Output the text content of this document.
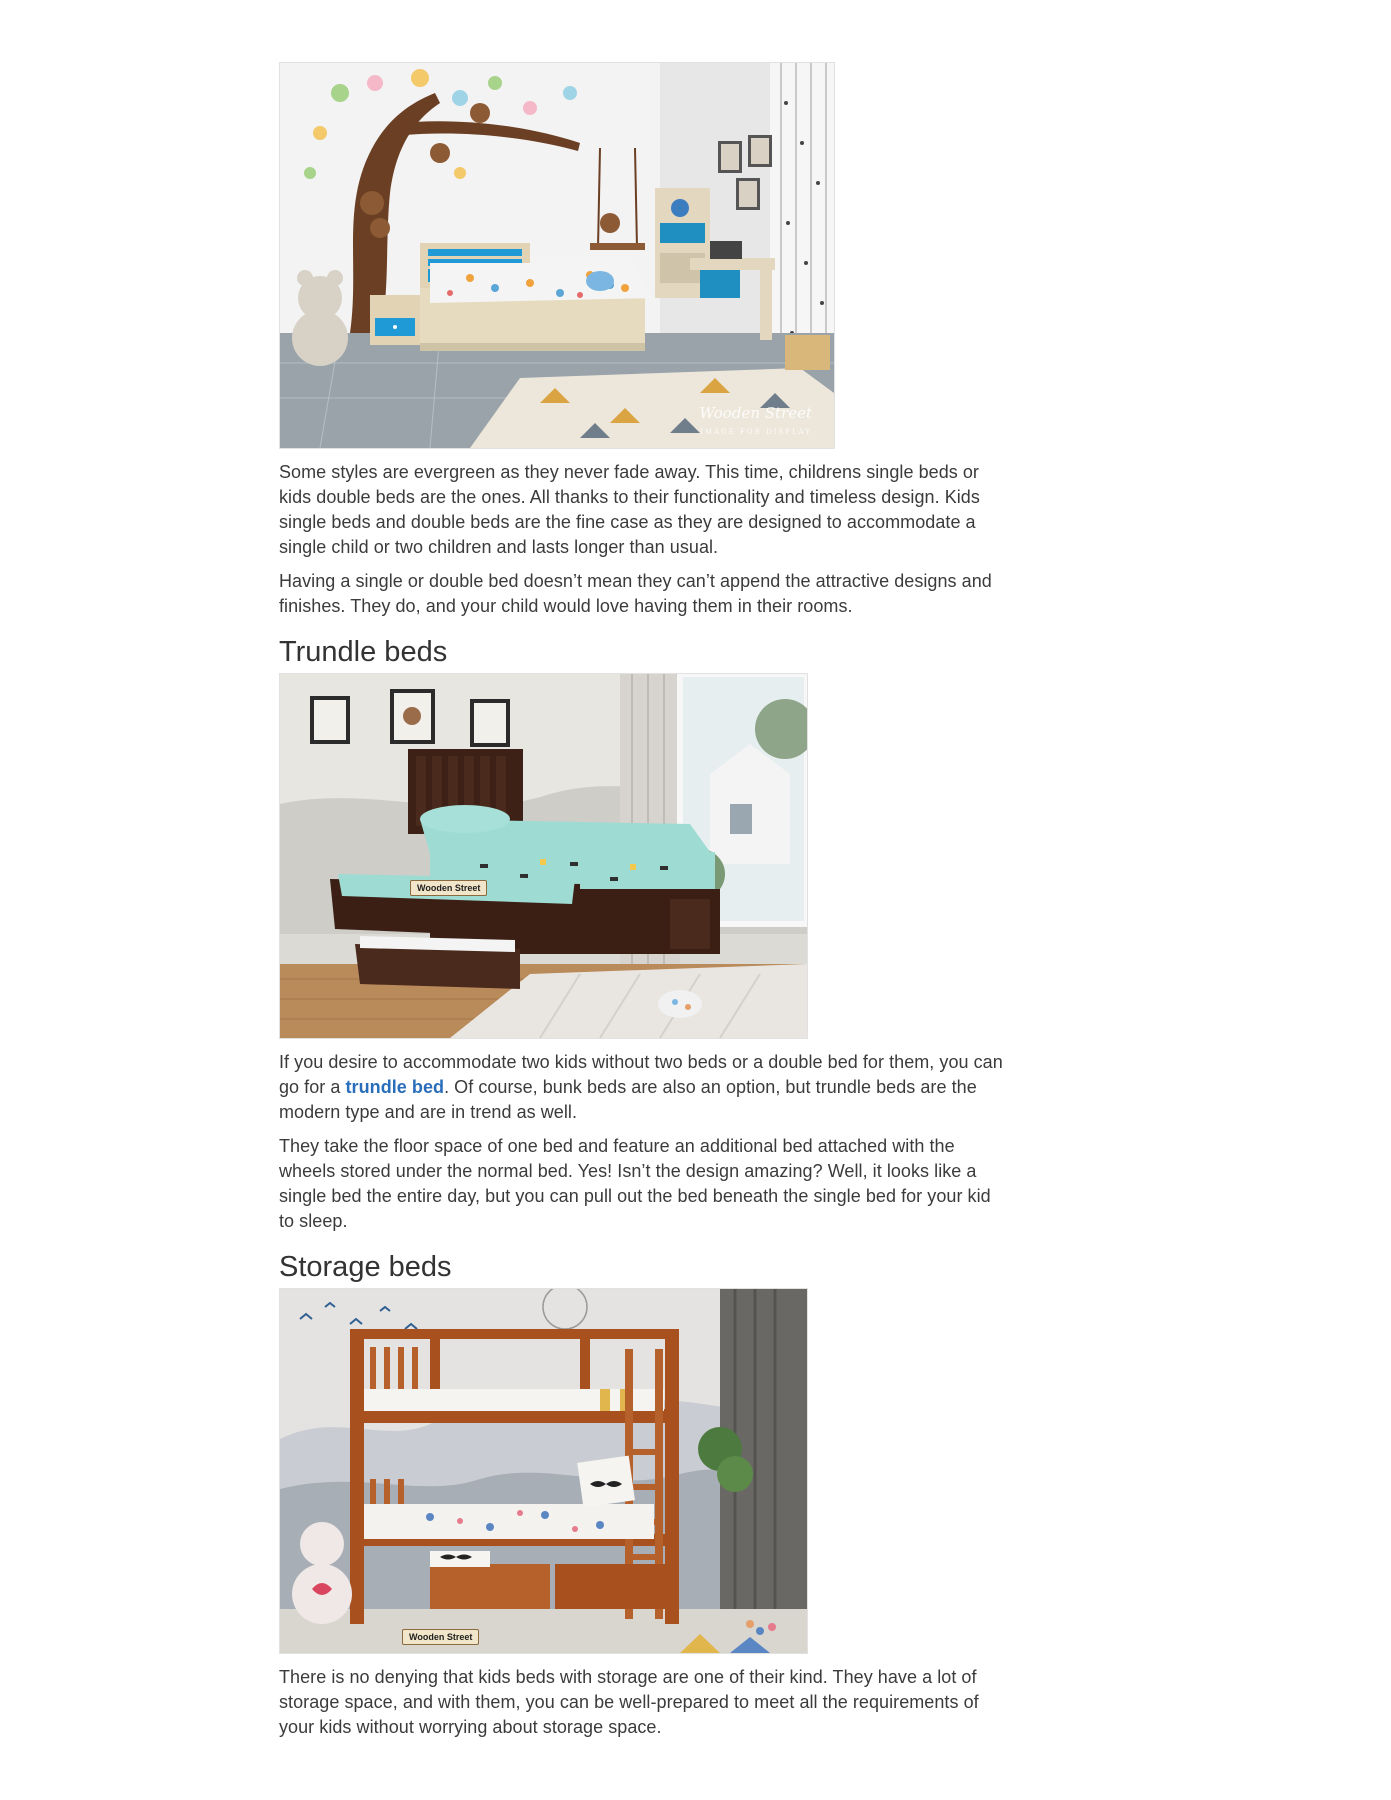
Wooden Street
IMAGE FOR DISPLAY

Some styles are evergreen as they never fade away. This time, childrens single beds or kids double beds are the ones. All thanks to their functionality and timeless design. Kids single beds and double beds are the fine case as they are designed to accommodate a single child or two children and lasts longer than usual.

Having a single or double bed doesn’t mean they can’t append the attractive designs and finishes. They do, and your child would love having them in their rooms.

Trundle beds
Wooden Street

If you desire to accommodate two kids without two beds or a double bed for them, you can go for a trundle bed. Of course, bunk beds are also an option, but trundle beds are the modern type and are in trend as well.

They take the floor space of one bed and feature an additional bed attached with the wheels stored under the normal bed. Yes! Isn’t the design amazing? Well, it looks like a single bed the entire day, but you can pull out the bed beneath the single bed for your kid to sleep.

Storage beds
Wooden Street

There is no denying that kids beds with storage are one of their kind. They have a lot of storage space, and with them, you can be well-prepared to meet all the requirements of your kids without worrying about storage space.
